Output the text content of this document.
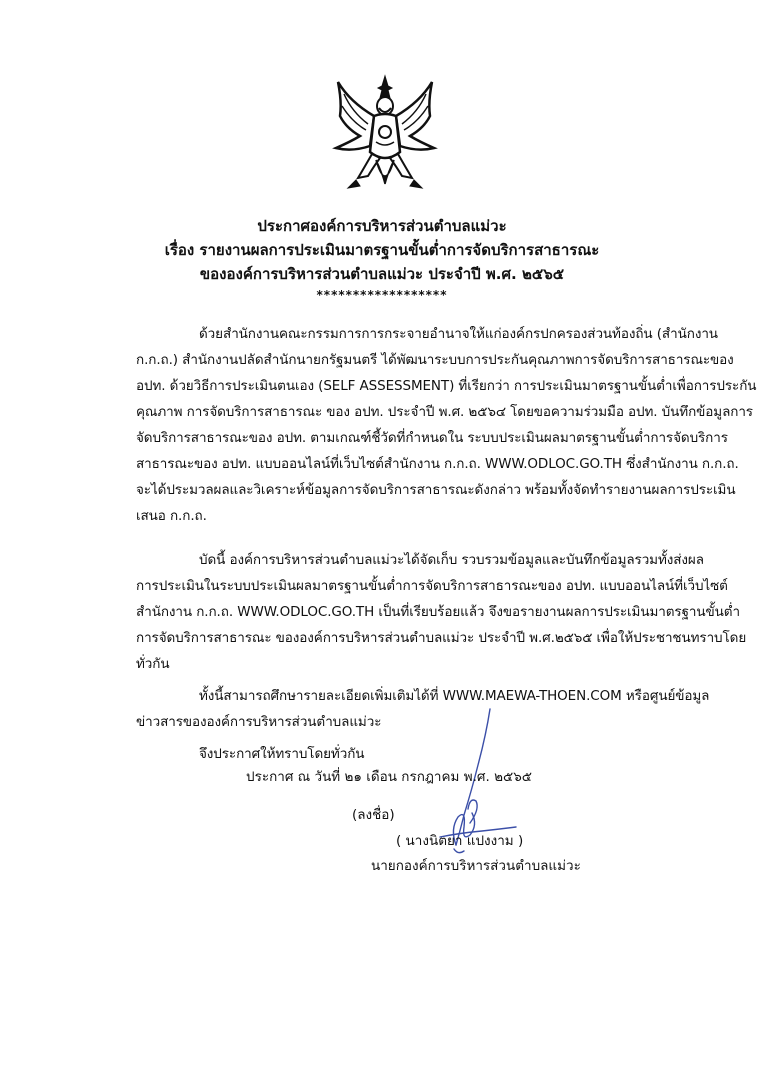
ประกาศองค์การบริหารส่วนตำบลแม่วะ
เรื่อง รายงานผลการประเมินมาตรฐานขั้นต่ำการจัดบริการสาธารณะ
ขององค์การบริหารส่วนตำบลแม่วะ ประจำปี พ.ศ. ๒๕๖๕
******************
ด้วยสำนักงานคณะกรรมการการกระจายอำนาจให้แก่องค์กรปกครองส่วนท้องถิ่น (สำนักงาน
ก.ก.ถ.) สำนักงานปลัดสำนักนายกรัฐมนตรี ได้พัฒนาระบบการประกันคุณภาพการจัดบริการสาธารณะของ
อปท. ด้วยวิธีการประเมินตนเอง (SELF ASSESSMENT) ที่เรียกว่า การประเมินมาตรฐานขั้นต่ำเพื่อการประกัน
คุณภาพ การจัดบริการสาธารณะ ของ อปท. ประจำปี พ.ศ. ๒๕๖๔ โดยขอความร่วมมือ อปท. บันทึกข้อมูลการ
จัดบริการสาธารณะของ อปท. ตามเกณฑ์ชี้วัดที่กำหนดใน ระบบประเมินผลมาตรฐานขั้นต่ำการจัดบริการ
สาธารณะของ อปท. แบบออนไลน์ที่เว็บไซต์สำนักงาน ก.ก.ถ. WWW.ODLOC.GO.TH ซึ่งสำนักงาน ก.ก.ถ.
จะได้ประมวลผลและวิเคราะห์ข้อมูลการจัดบริการสาธารณะดังกล่าว พร้อมทั้งจัดทำรายงานผลการประเมิน
เสนอ ก.ก.ถ.
บัดนี้ องค์การบริหารส่วนตำบลแม่วะได้จัดเก็บ รวบรวมข้อมูลและบันทึกข้อมูลรวมทั้งส่งผล
การประเมินในระบบประเมินผลมาตรฐานขั้นต่ำการจัดบริการสาธารณะของ อปท. แบบออนไลน์ที่เว็บไซต์
สำนักงาน ก.ก.ถ. WWW.ODLOC.GO.TH เป็นที่เรียบร้อยแล้ว จึงขอรายงานผลการประเมินมาตรฐานขั้นต่ำ
การจัดบริการสาธารณะ ขององค์การบริหารส่วนตำบลแม่วะ ประจำปี พ.ศ.๒๕๖๕ เพื่อให้ประชาชนทราบโดย
ทั่วกัน
ทั้งนี้สามารถศึกษารายละเอียดเพิ่มเติมได้ที่ WWW.MAEWA-THOEN.COM หรือศูนย์ข้อมูล
ข่าวสารขององค์การบริหารส่วนตำบลแม่วะ
จึงประกาศให้ทราบโดยทั่วกัน
ประกาศ ณ วันที่ ๒๑ เดือน กรกฎาคม พ.ศ. ๒๕๖๕
(ลงชื่อ)
( นางนิตยา แปงงาม )
นายกองค์การบริหารส่วนตำบลแม่วะ
